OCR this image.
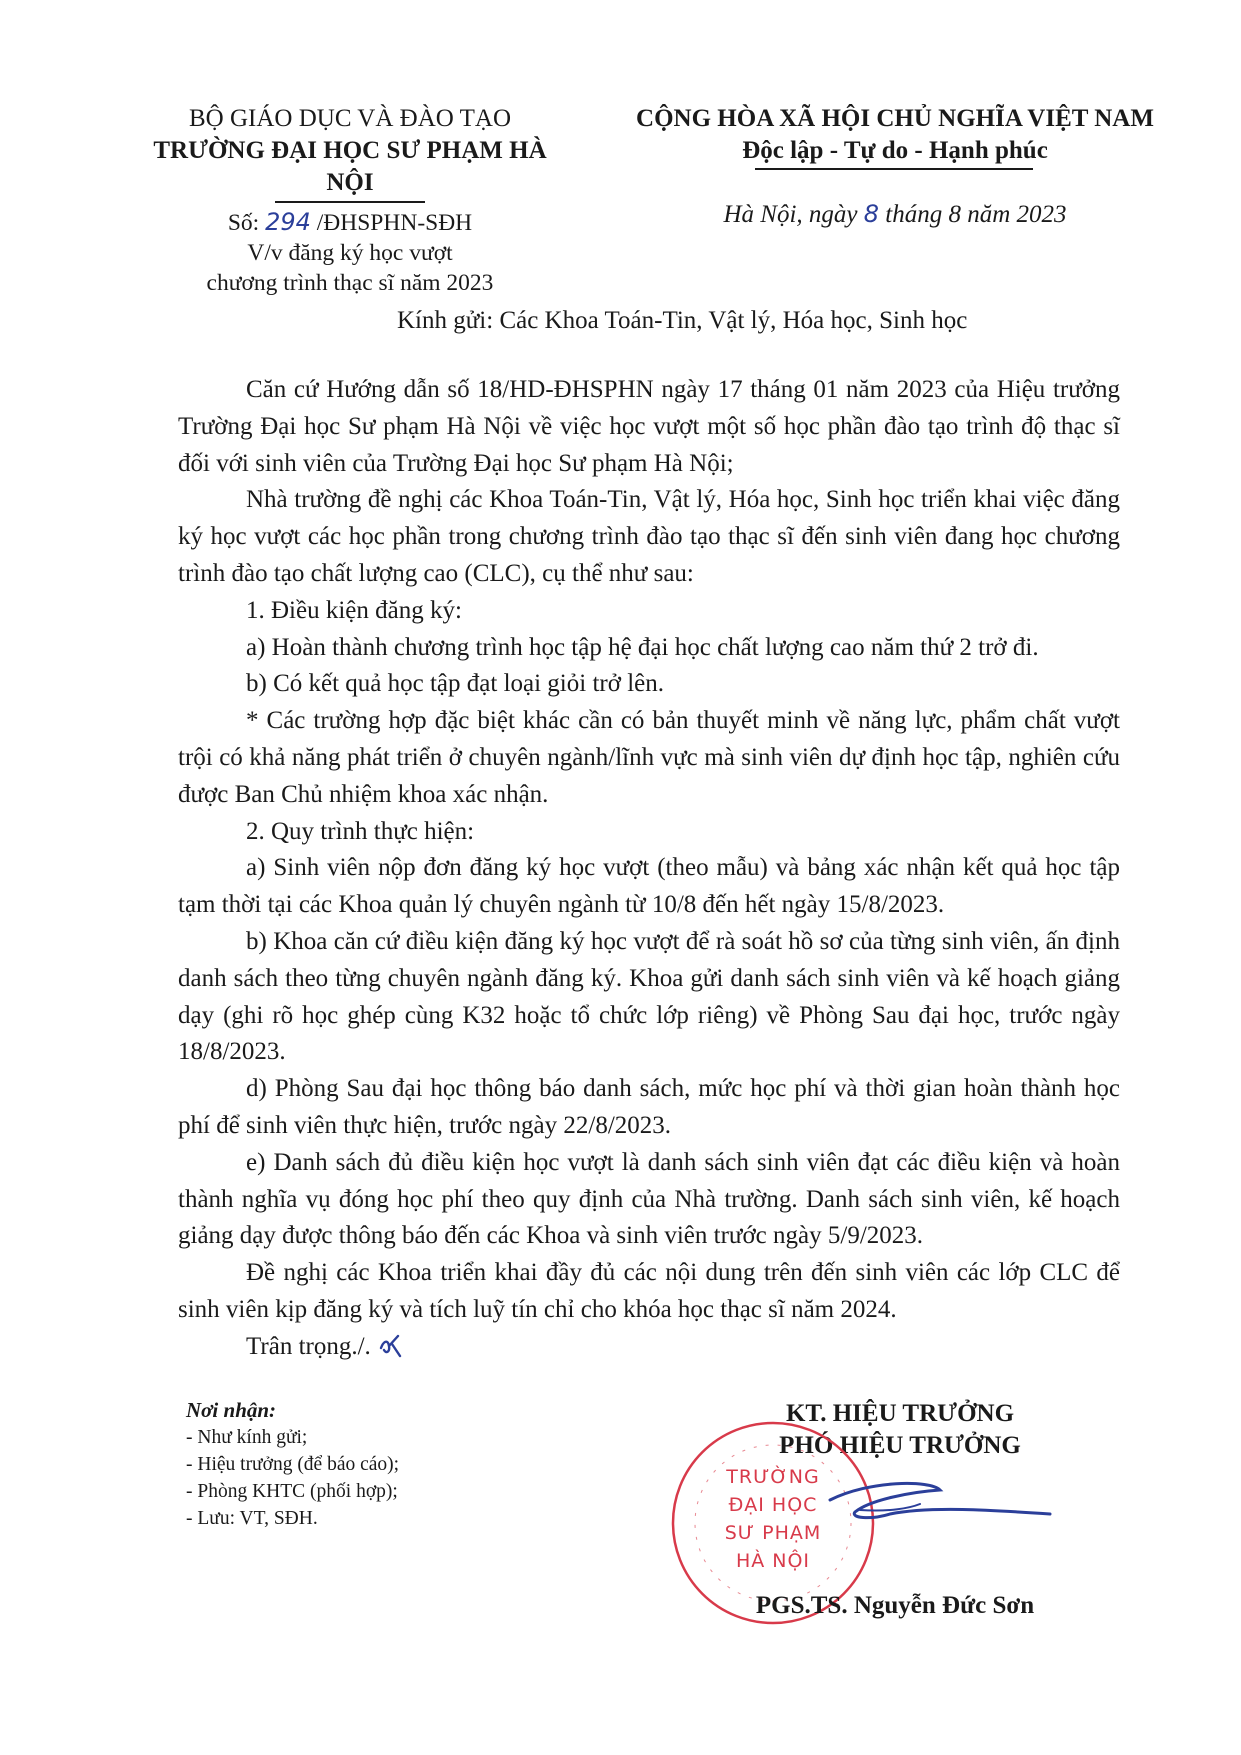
BỘ GIÁO DỤC VÀ ĐÀO TẠO
TRƯỜNG ĐẠI HỌC SƯ PHẠM HÀ NỘI
Số: 294 /ĐHSPHN-SĐH
V/v đăng ký học vượt
chương trình thạc sĩ năm 2023
CỘNG HÒA XÃ HỘI CHỦ NGHĨA VIỆT NAM
Độc lập - Tự do - Hạnh phúc
Hà Nội, ngày 8 tháng 8 năm 2023
Kính gửi: Các Khoa Toán-Tin, Vật lý, Hóa học, Sinh học

Căn cứ Hướng dẫn số 18/HD-ĐHSPHN ngày 17 tháng 01 năm 2023 của Hiệu trưởng Trường Đại học Sư phạm Hà Nội về việc học vượt một số học phần đào tạo trình độ thạc sĩ đối với sinh viên của Trường Đại học Sư phạm Hà Nội;

Nhà trường đề nghị các Khoa Toán-Tin, Vật lý, Hóa học, Sinh học triển khai việc đăng ký học vượt các học phần trong chương trình đào tạo thạc sĩ đến sinh viên đang học chương trình đào tạo chất lượng cao (CLC), cụ thể như sau:

1. Điều kiện đăng ký:

a) Hoàn thành chương trình học tập hệ đại học chất lượng cao năm thứ 2 trở đi.

b) Có kết quả học tập đạt loại giỏi trở lên.

* Các trường hợp đặc biệt khác cần có bản thuyết minh về năng lực, phẩm chất vượt trội có khả năng phát triển ở chuyên ngành/lĩnh vực mà sinh viên dự định học tập, nghiên cứu được Ban Chủ nhiệm khoa xác nhận.

2. Quy trình thực hiện:

a) Sinh viên nộp đơn đăng ký học vượt (theo mẫu) và bảng xác nhận kết quả học tập tạm thời tại các Khoa quản lý chuyên ngành từ 10/8 đến hết ngày 15/8/2023.

b) Khoa căn cứ điều kiện đăng ký học vượt để rà soát hồ sơ của từng sinh viên, ấn định danh sách theo từng chuyên ngành đăng ký. Khoa gửi danh sách sinh viên và kế hoạch giảng dạy (ghi rõ học ghép cùng K32 hoặc tổ chức lớp riêng) về Phòng Sau đại học, trước ngày 18/8/2023.

d) Phòng Sau đại học thông báo danh sách, mức học phí và thời gian hoàn thành học phí để sinh viên thực hiện, trước ngày 22/8/2023.

e) Danh sách đủ điều kiện học vượt là danh sách sinh viên đạt các điều kiện và hoàn thành nghĩa vụ đóng học phí theo quy định của Nhà trường. Danh sách sinh viên, kế hoạch giảng dạy được thông báo đến các Khoa và sinh viên trước ngày 5/9/2023.

Đề nghị các Khoa triển khai đầy đủ các nội dung trên đến sinh viên các lớp CLC để sinh viên kịp đăng ký và tích luỹ tín chỉ cho khóa học thạc sĩ năm 2024.

Trân trọng./.

Nơi nhận:
- Như kính gửi;
- Hiệu trưởng (để báo cáo);
- Phòng KHTC (phối hợp);
- Lưu: VT, SĐH.
KT. HIỆU TRƯỞNG
PHÓ HIỆU TRƯỞNG
TRƯỜNG
ĐẠI HỌC
SƯ PHẠM
HÀ NỘI
PGS.TS. Nguyễn Đức Sơn
